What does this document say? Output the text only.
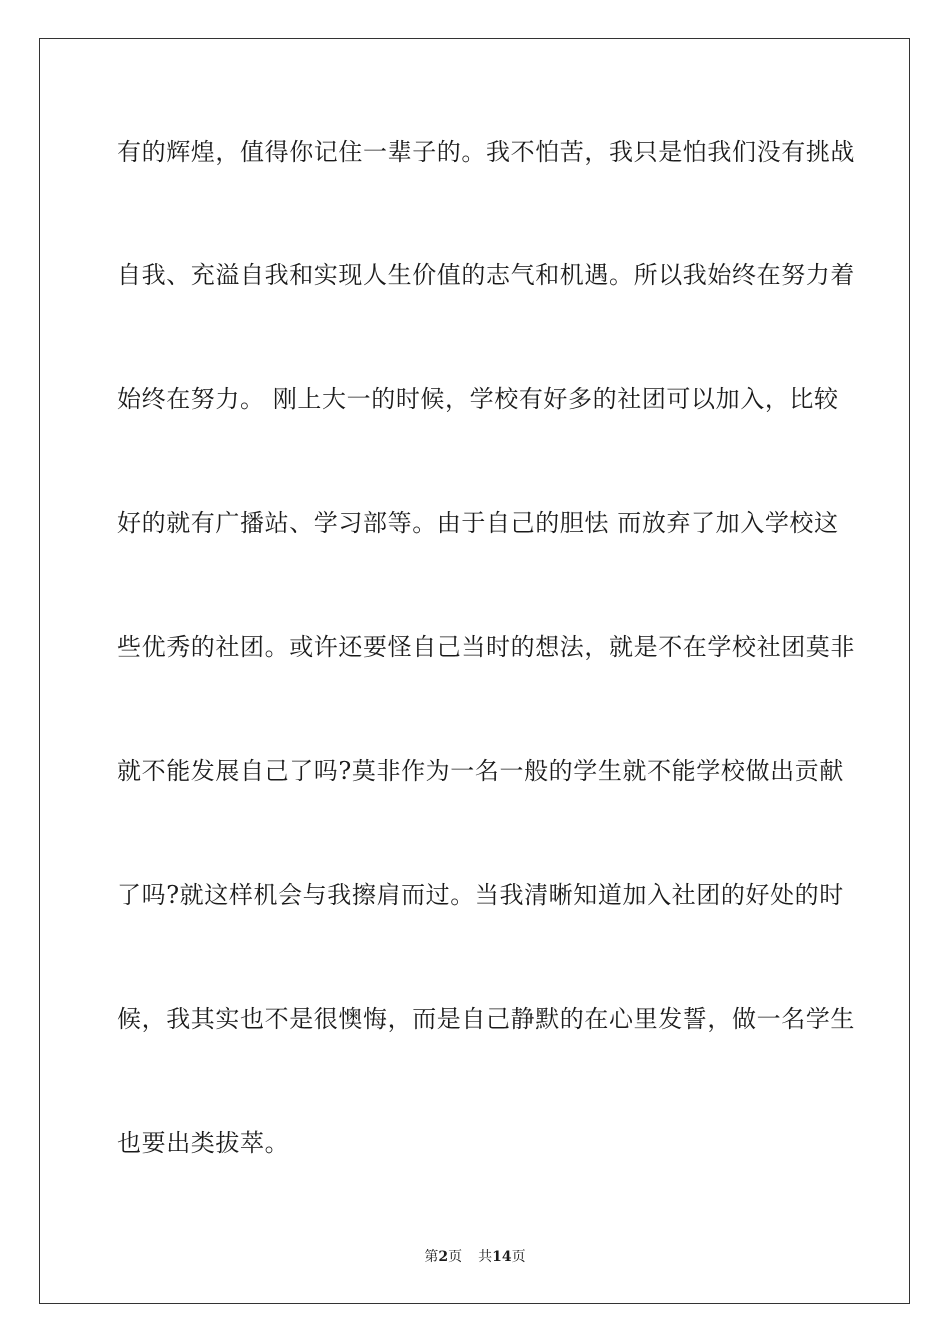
有的辉煌，值得你记住一辈子的。我不怕苦，我只是怕我们没有挑战
自我、充溢自我和实现人生价值的志气和机遇。所以我始终在努力着
始终在努力。 刚上大一的时候，学校有好多的社团可以加入，比较
好的就有广播站、学习部等。由于自己的胆怯 而放弃了加入学校这
些优秀的社团。或许还要怪自己当时的想法，就是不在学校社团莫非
就不能发展自己了吗?莫非作为一名一般的学生就不能学校做出贡献
了吗?就这样机会与我擦肩而过。当我清晰知道加入社团的好处的时
候，我其实也不是很懊悔，而是自己静默的在心里发誓，做一名学生
也要出类拔萃。
第2页 共14页
